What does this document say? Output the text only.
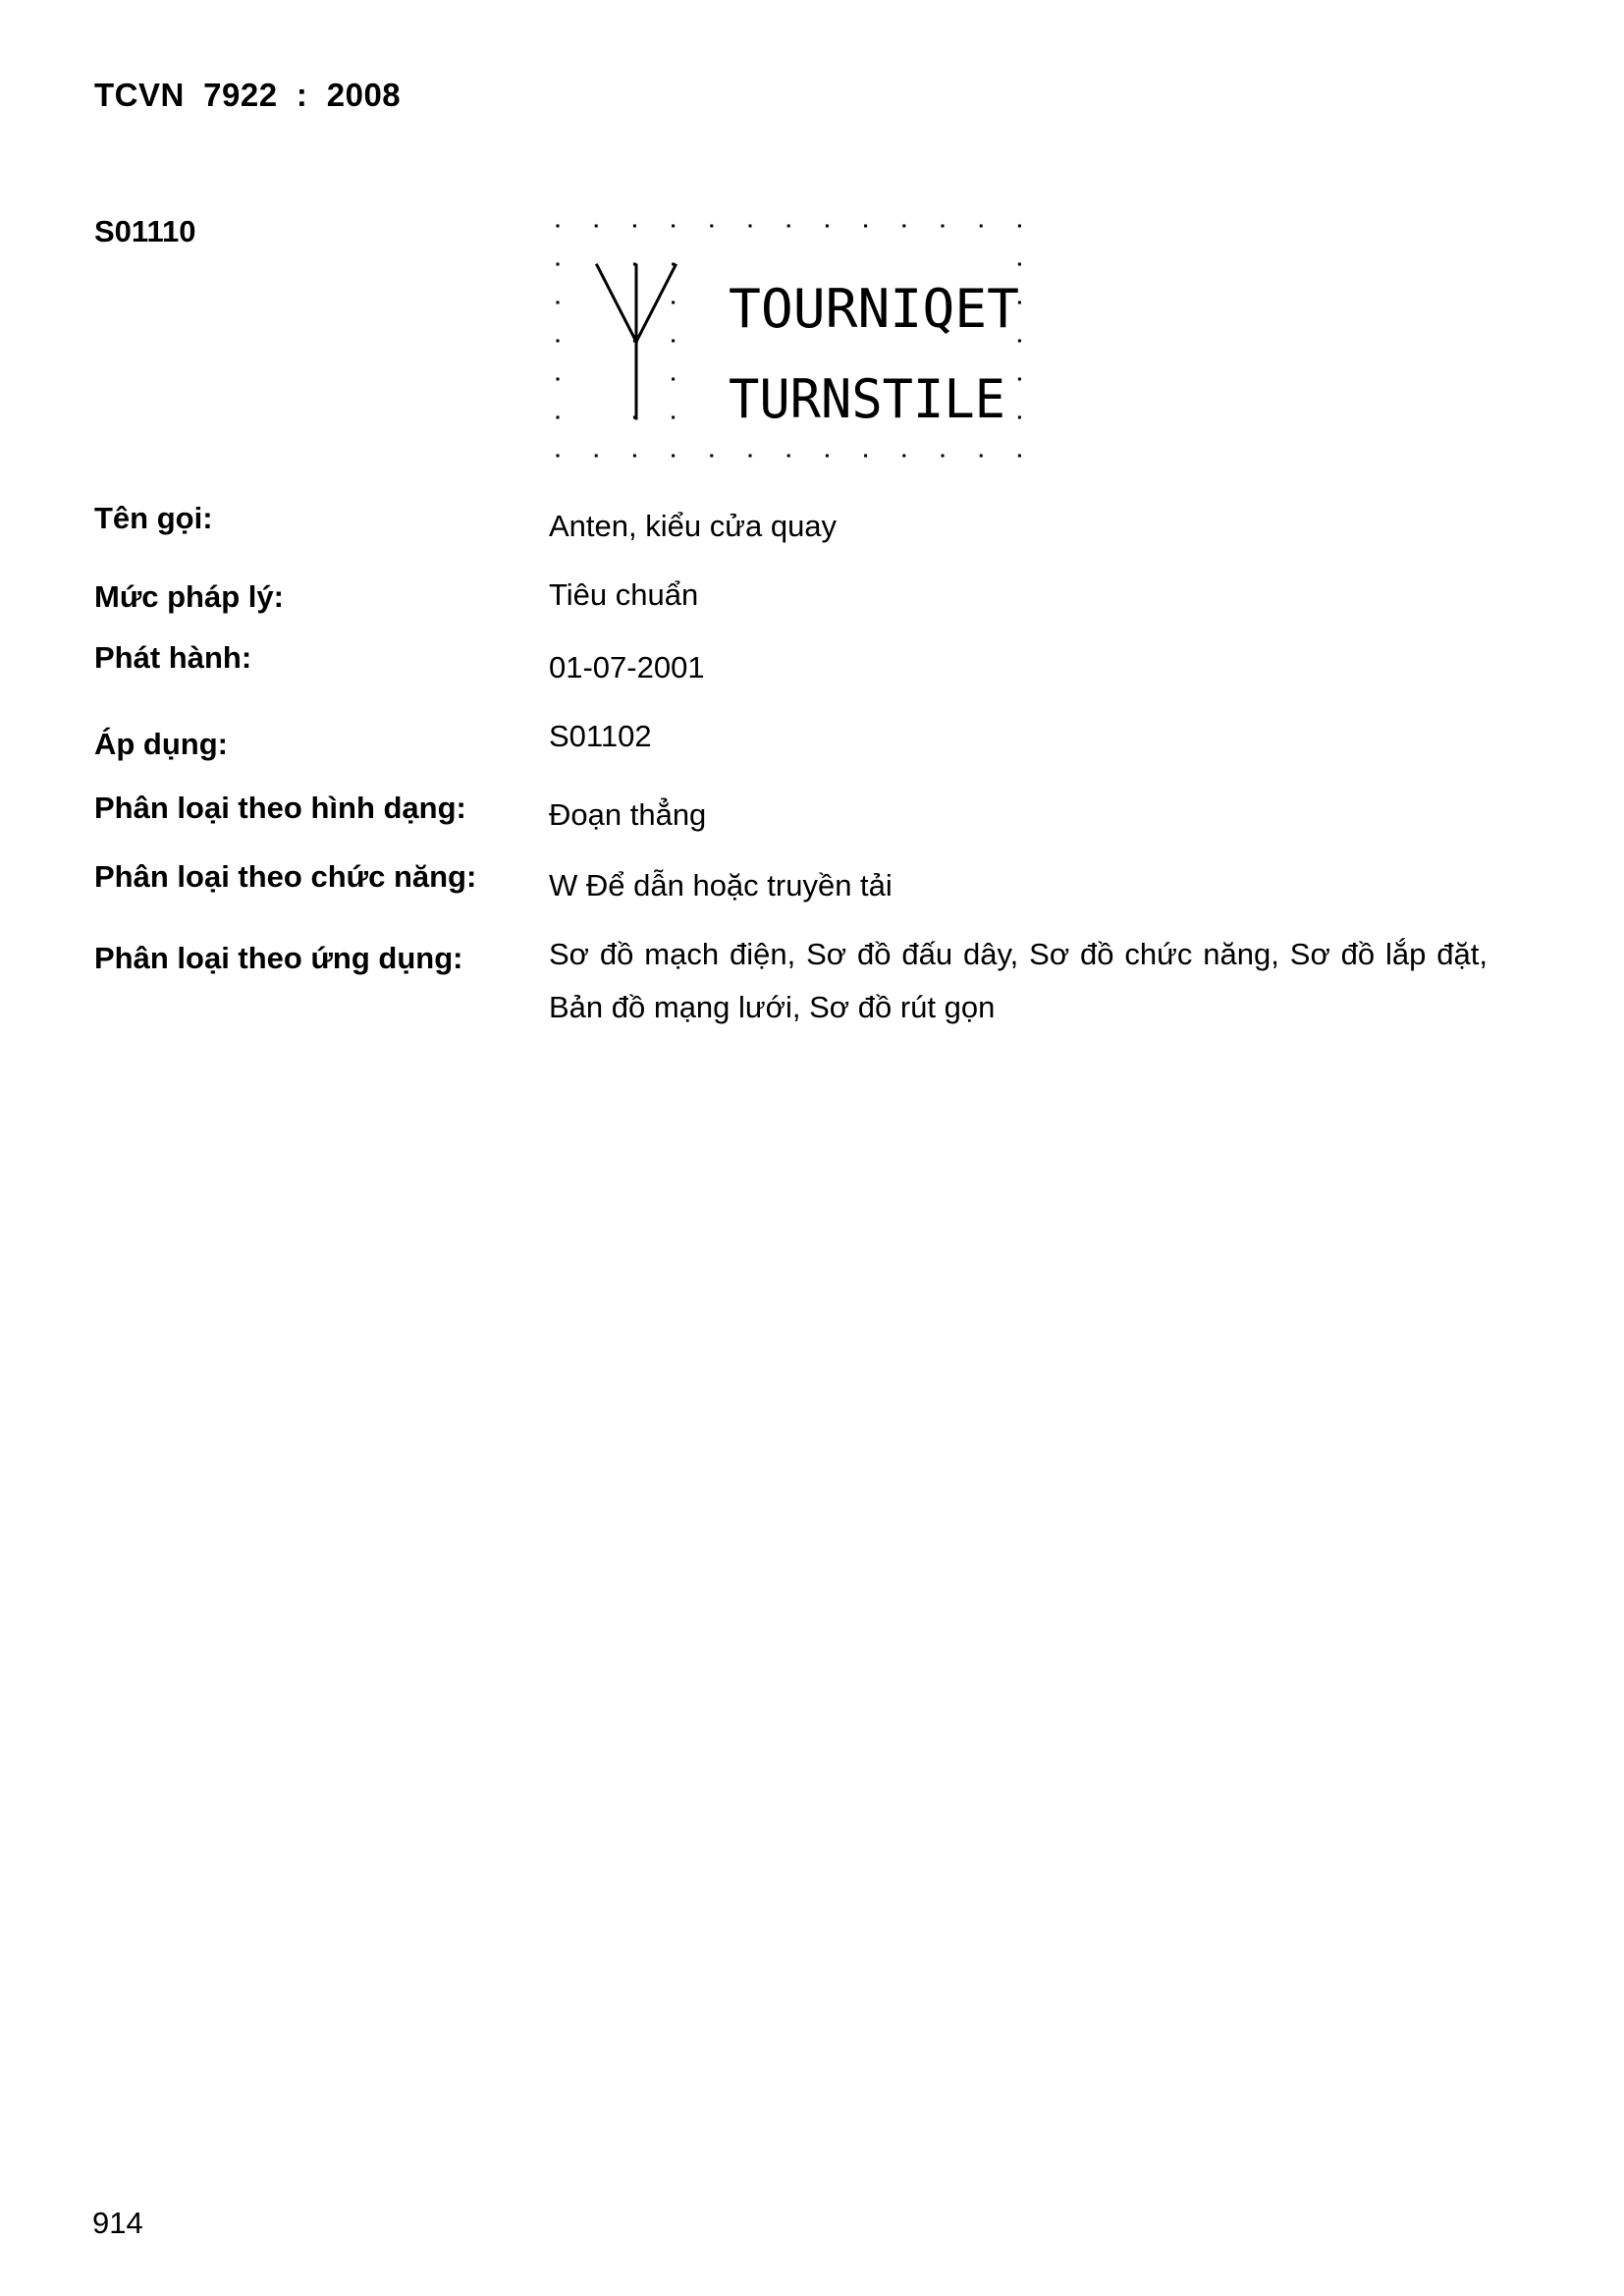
TCVN  7922  :  2008
S01110
TOURNIQET
TURNSTILE
Tên gọi:	Anten, kiểu cửa quay
Mức pháp lý:	Tiêu chuẩn
Phát hành:	01-07-2001
Áp dụng:	S01102
Phân loại theo hình dạng:	Đoạn thẳng
Phân loại theo chức năng: W Để dẫn hoặc truyền tải
Phân loại theo ứng dụng:	Sơ đồ mạch điện, Sơ đồ đấu dây, Sơ đồ chức năng, Sơ đồ lắp đặt, Bản đồ mạng lưới, Sơ đồ rút gọn
914
